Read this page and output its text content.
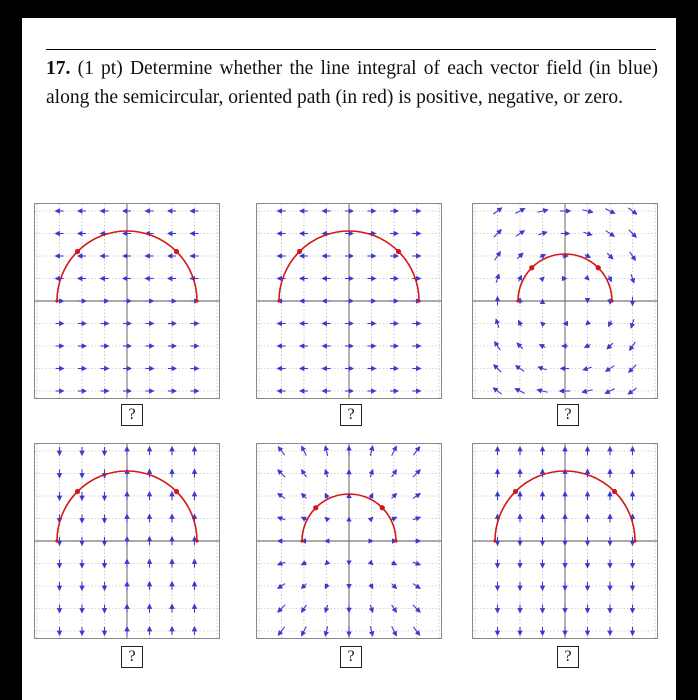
17. (1 pt) Determine whether the line integral of each vector field (in blue) along the semicircular, oriented path (in red) is positive, negative, or zero.
?	?	?
?	?	?
